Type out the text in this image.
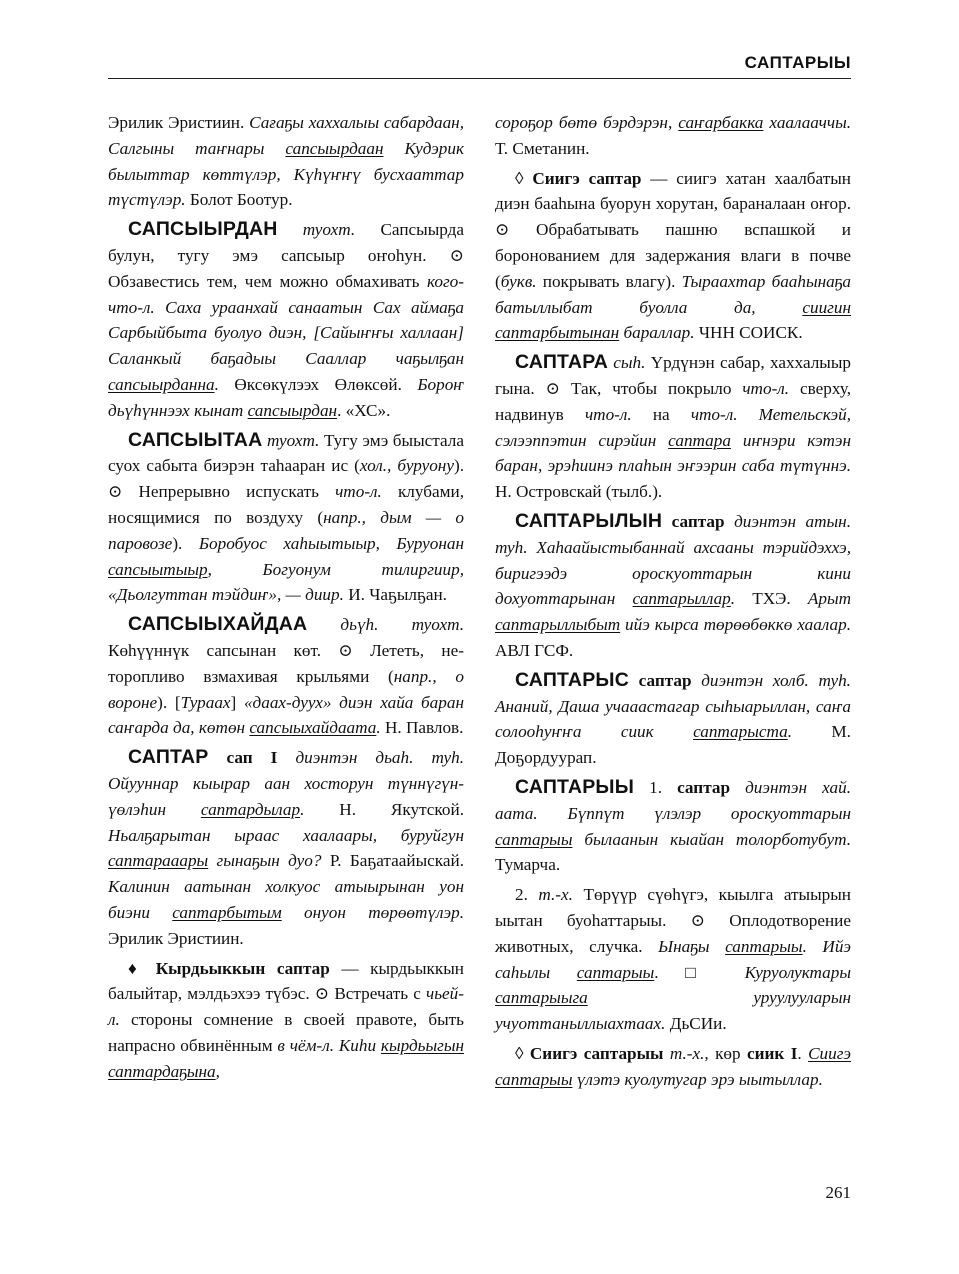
САПТАРЫЫ

Эрилик Эристиин. Сағаҕы хаххалыы сабардаан, Салгыны таҥнары сапсыырдаан Кудэрик былыттар көттүлэр, Күһүҥҥү бусхааттар түстүлэр. Болот Боотур.

САПСЫЫРДАН туохт. Сапсыырда булун, тугу эмэ сапсыыр оҥоһун. ⊙ Обзавестись тем, чем можно обмахивать кого-что-л. Саха ураанхай санаатын Сах аймаҕа Сарбыйбыта буолуо диэн, [Сайыҥҥы халлаан] Саланкый баҕадыы Сааллар чаҕылҕан сапсыырданна. Өксөкүлээх Өлөксөй. Бороҥ дьүһүннээх кынат сапсыырдан. «ХС».

САПСЫЫТАА туохт. Тугу эмэ быыстала суох сабыта биэрэн таһааран ис (хол., буруону). ⊙ Непрерывно испускать что-л. клубами, носящимися по воздуху (напр., дым — о паровозе). Боробуос хаһыытыыр, Буруонан сапсыытыыр, Богуонум тилиргиир, «Дьолгуттан тэйдиҥ», — диир. И. Чаҕылҕан.

САПСЫЫХАЙДАА дьүһ. туохт. Көһүүннүк сапсынан көт. ⊙ Лететь, неторопливо взмахивая крыльями (напр., о вороне). [Тураах] «даах-дуух» диэн хайа баран саҥарда да, көтөн сапсыыхайдаата. Н. Павлов.

САПТАР сап I диэнтэн дьаһ. туһ. Ойууннар кыырар аан хосторун түннүгүн-үөлэһин саптардылар. Н. Якутской. Ньалҕарытан ыраас хаалаары, буруйгун саптарааары гынаҕын дуо? Р. Баҕатаайыскай. Калинин аатынан холкуос атыырынан уон биэни саптарбытым онуон төрөөтүлэр. Эрилик Эристиин.

♦ Кырдьыккын саптар — кырдьыккын балыйтар, мэлдьэхээ түбэс. ⊙ Встречать с чьей-л. стороны сомнение в своей правоте, быть напрасно обвинённым в чём-л. Киһи кырдьыгын саптардаҕына,

сороҕор бөтө бэрдэрэн, саҥарбакка хаалааччы. Т. Сметанин.

◊ Сиигэ саптар — сиигэ хатан хаалбатын диэн бааһына буорун хорутан, бараналаан оҥор. ⊙ Обрабатывать пашню вспашкой и боронованием для задержания влаги в почве (букв. покрывать влагу). Тыраахтар бааһынаҕа батыллыбат буолла да, сиигин саптарбытынан бараллар. ЧНН СОИСК.

САПТАРА сыһ. Үрдүнэн сабар, хаххалыыр гына. ⊙ Так, чтобы покрыло что-л. сверху, надвинув что-л. на что-л. Метельскэй, сэлээппэтин сирэйин саптара иҥнэри кэтэн баран, эрэһиинэ плаһын эҥээрин саба түтүннэ. Н. Островскай (тылб.).

САПТАРЫЛЫН саптар диэнтэн атын. туһ. Хаһаайыстыбаннай ахсааны тэрийдэххэ, биригээдэ ороскуоттарын кини дохуоттарынан саптарыллар. ТХЭ. Арыт саптарыллыбыт ийэ кырса төрөөбөккө хаалар. АВЛ ГСФ.

САПТАРЫС саптар диэнтэн холб. туһ. Ананий, Даша учааастагар сыһыарыллан, саҥа солооһуҥҥа сиик саптарыста. М. Доҕордуурап.

САПТАРЫЫ 1. саптар диэнтэн хай. аата. Бүппүт үлэлэр ороскуоттарын саптарыы былаанын кыайан толорботубут. Тумарча.

2. т.-х. Төрүүр сүөһүгэ, кыылга атыырын ыытан буоһаттарыы. ⊙ Оплодотворение животных, случка. Ынаҕы саптарыы. Ийэ саһылы саптарыы. □ Куруолуктары саптарыыга уруулууларын учуоттаныллыахтаах. ДьСИи.

◊ Сиигэ саптарыы т.-х., көр сиик I. Сиигэ саптарыы үлэтэ куолутугар эрэ ыытыллар.

261
